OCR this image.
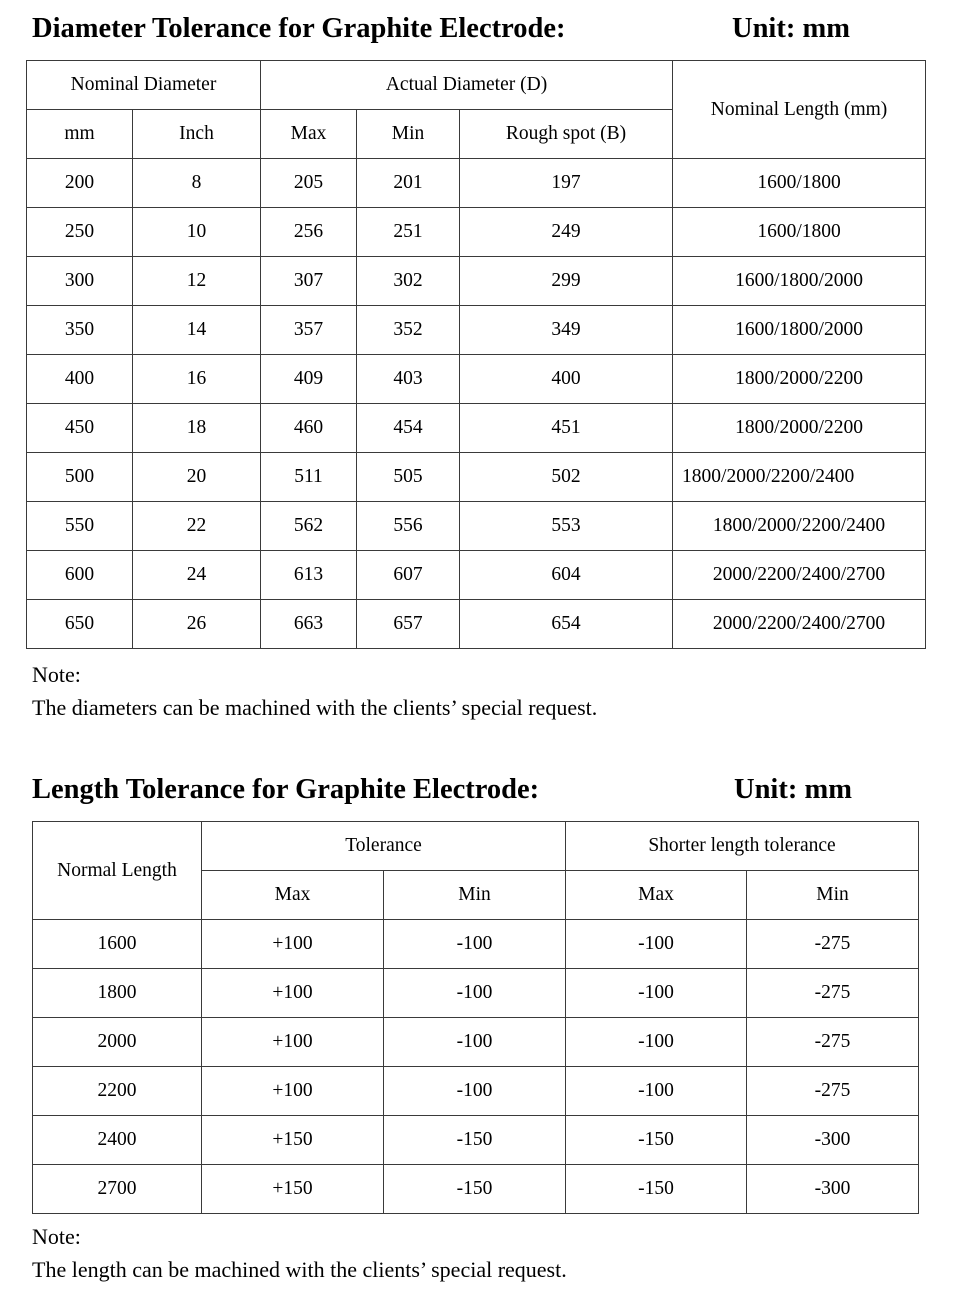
Diameter Tolerance for Graphite Electrode:	Unit: mm
Nominal Diameter		Actual Diameter (D)			Nominal Length (mm)
mm	Inch	Max	Min	Rough spot (B)	
200	8	205	201	197	1600/1800
250	10	256	251	249	1600/1800
300	12	307	302	299	1600/1800/2000
350	14	357	352	349	1600/1800/2000
400	16	409	403	400	1800/2000/2200
450	18	460	454	451	1800/2000/2200
500	20	511	505	502	1800/2000/2200/2400
550	22	562	556	553	1800/2000/2200/2400
600	24	613	607	604	2000/2200/2400/2700
650	26	663	657	654	2000/2200/2400/2700
Note:
The diameters can be machined with the clients’ special request.
Length Tolerance for Graphite Electrode:	Unit: mm
Normal Length	Tolerance		Shorter length tolerance	
	Max	Min	Max	Min
1600	+100	-100	-100	-275
1800	+100	-100	-100	-275
2000	+100	-100	-100	-275
2200	+100	-100	-100	-275
2400	+150	-150	-150	-300
2700	+150	-150	-150	-300
Note:
The length can be machined with the clients’ special request.
